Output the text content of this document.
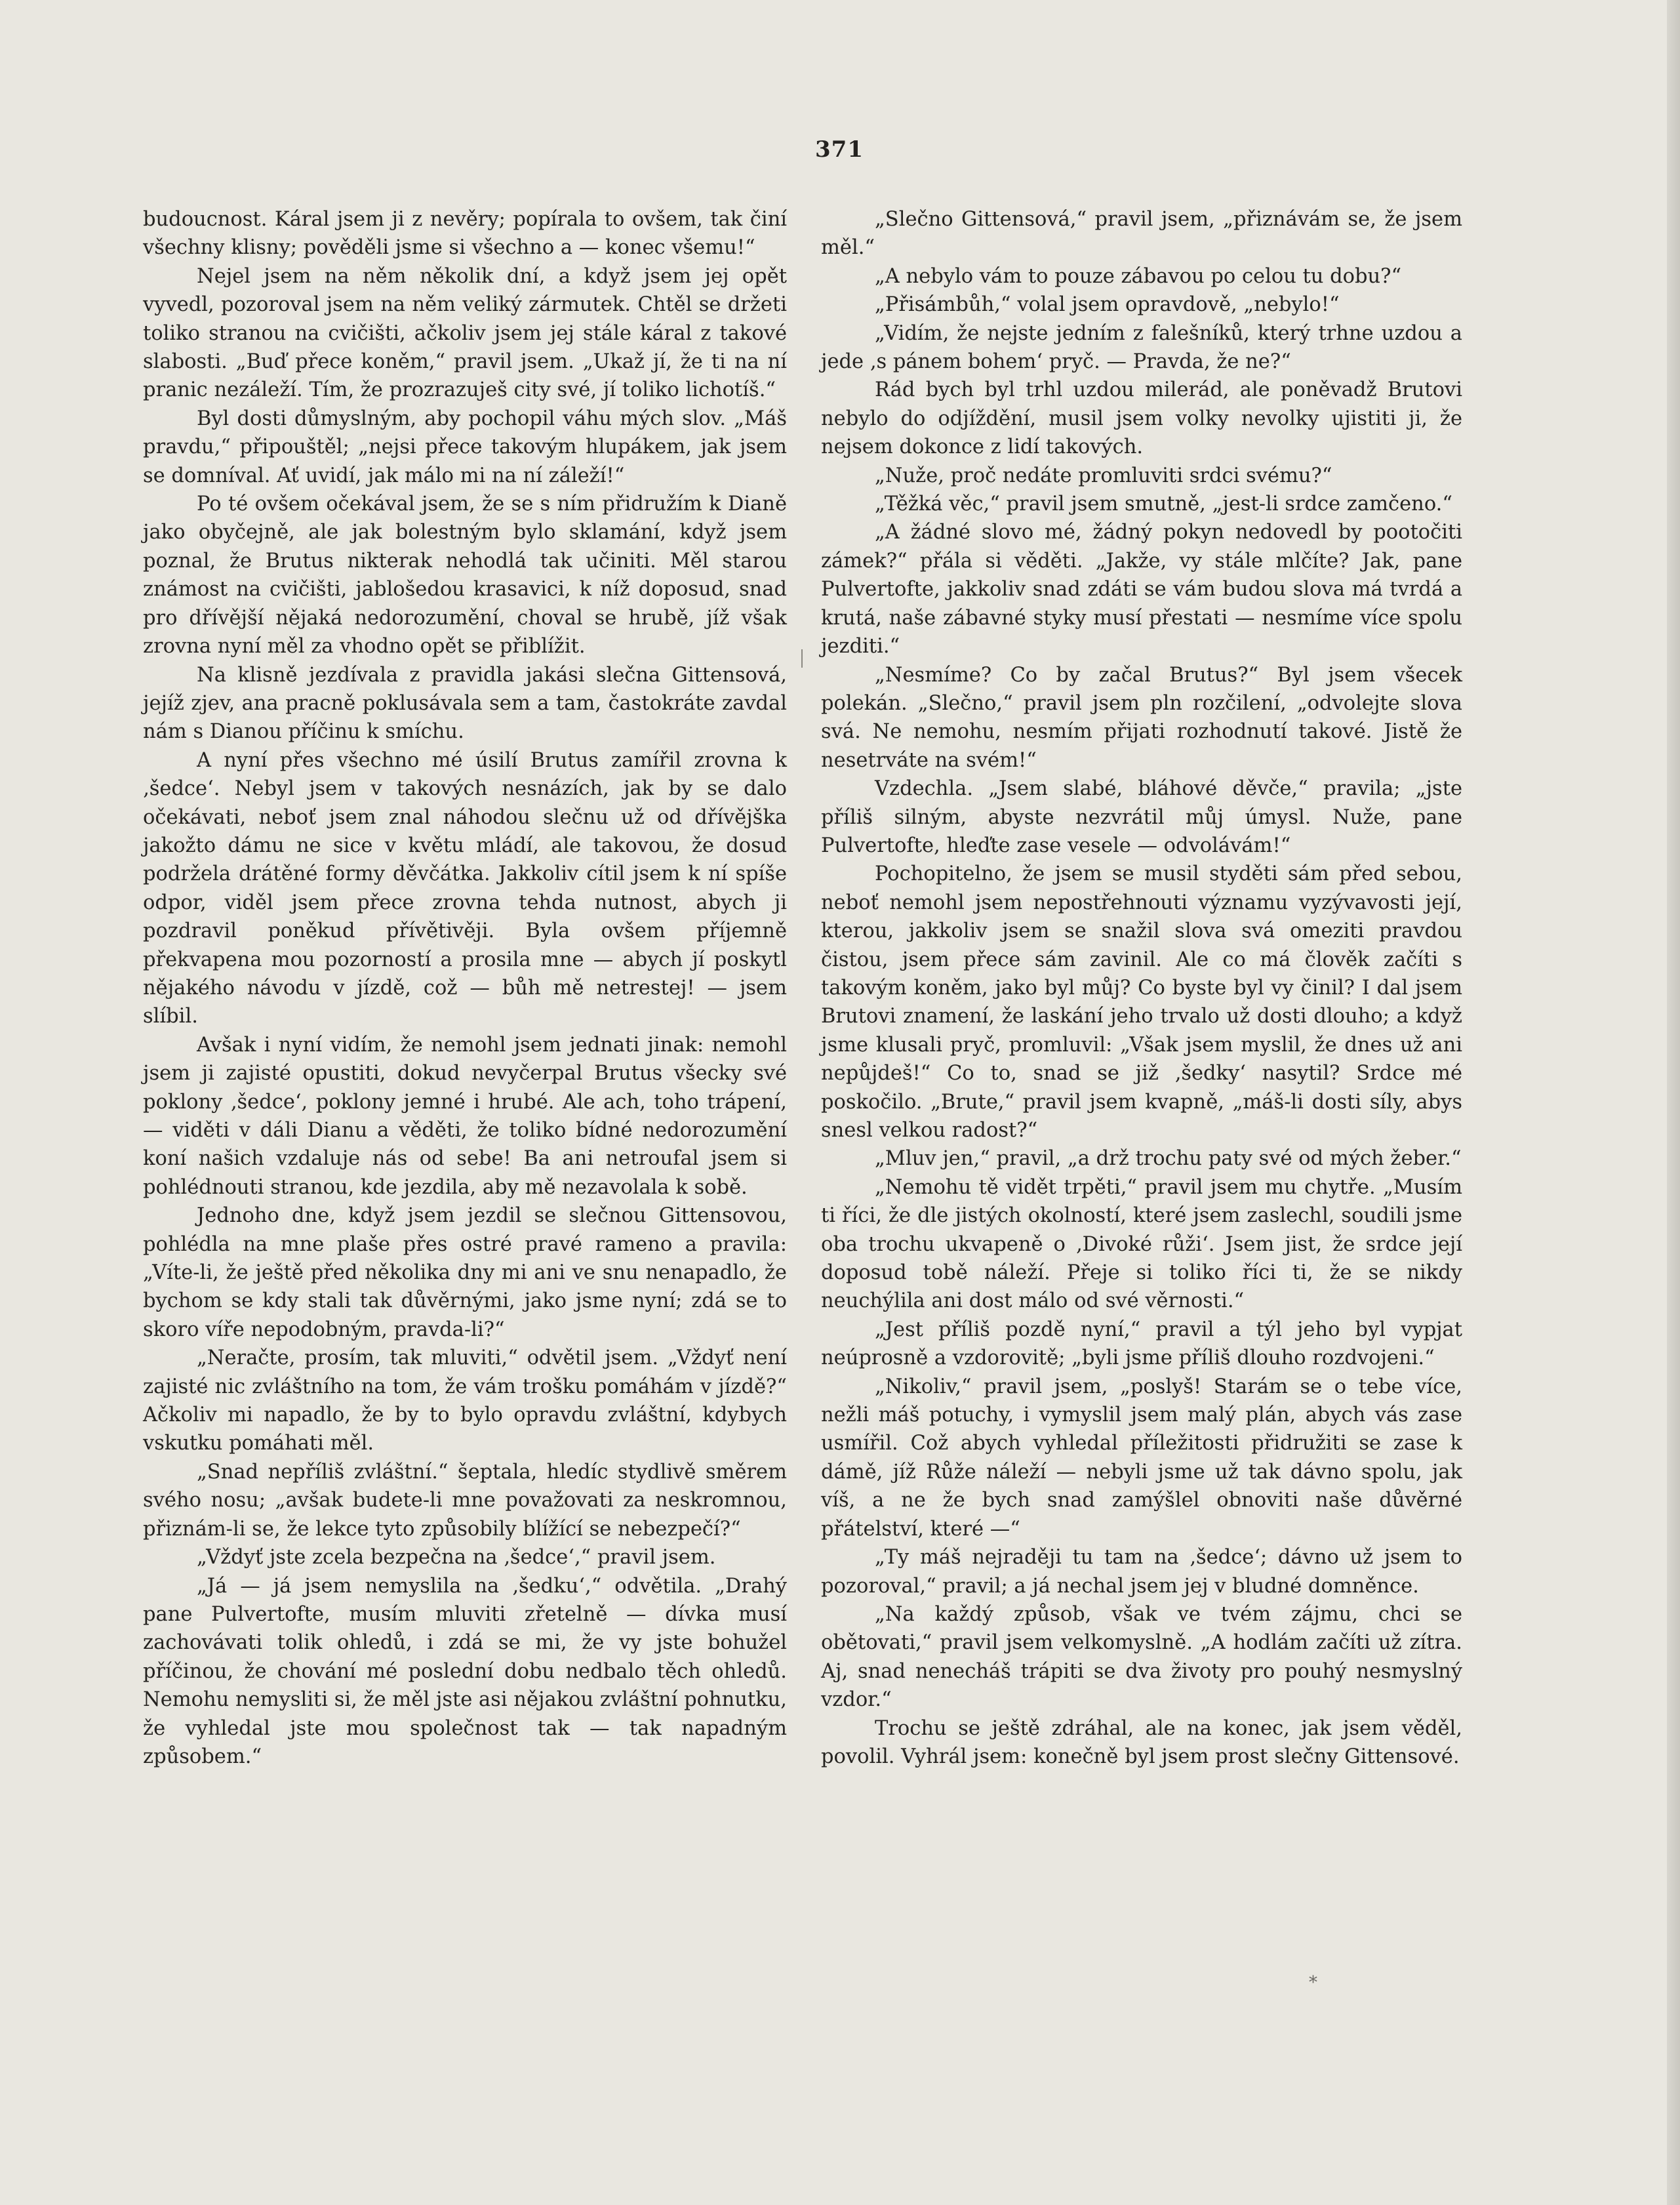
371

budoucnost. Káral jsem ji z nevěry; popírala to ovšem, tak činí všechny klisny; pověděli jsme si všechno a — konec všemu!“

Nejel jsem na něm několik dní, a když jsem jej opět vyvedl, pozoroval jsem na něm veliký zármutek. Chtěl se držeti toliko stranou na cvičišti, ačkoliv jsem jej stále káral z takové slabosti. „Buď přece koněm,“ pravil jsem. „Ukaž jí, že ti na ní pranic nezáleží. Tím, že prozrazuješ city své, jí toliko lichotíš.“

Byl dosti důmyslným, aby pochopil váhu mých slov. „Máš pravdu,“ připouštěl; „nejsi přece takovým hlupákem, jak jsem se domníval. Ať uvidí, jak málo mi na ní záleží!“

Po té ovšem očekával jsem, že se s ním přidružím k Dianě jako obyčejně, ale jak bolestným bylo sklamání, když jsem poznal, že Brutus nikterak nehodlá tak učiniti. Měl starou známost na cvičišti, jablošedou krasavici, k níž doposud, snad pro dřívější nějaká nedorozumění, choval se hrubě, jíž však zrovna nyní měl za vhodno opět se přiblížit.

Na klisně jezdívala z pravidla jakási slečna Gittensová, jejíž zjev, ana pracně poklusávala sem a tam, častokráte zavdal nám s Dianou příčinu k smíchu.

A nyní přes všechno mé úsilí Brutus zamířil zrovna k ‚šedce‘. Nebyl jsem v takových nesnázích, jak by se dalo očekávati, neboť jsem znal náhodou slečnu už od dřívějška jakožto dámu ne sice v květu mládí, ale takovou, že dosud podržela drátěné formy děvčátka. Jakkoliv cítil jsem k ní spíše odpor, viděl jsem přece zrovna tehda nutnost, abych ji pozdravil poněkud přívětivěji. Byla ovšem příjemně překvapena mou pozorností a prosila mne — abych jí poskytl nějakého návodu v jízdě, což — bůh mě netrestej! — jsem slíbil.

Avšak i nyní vidím, že nemohl jsem jednati jinak: nemohl jsem ji zajisté opustiti, dokud nevyčerpal Brutus všecky své poklony ‚šedce‘, poklony jemné i hrubé. Ale ach, toho trápení, — viděti v dáli Dianu a věděti, že toliko bídné nedorozumění koní našich vzdaluje nás od sebe! Ba ani netroufal jsem si pohlédnouti stranou, kde jezdila, aby mě nezavolala k sobě.

Jednoho dne, když jsem jezdil se slečnou Gittensovou, pohlédla na mne plaše přes ostré pravé rameno a pravila: „Víte-li, že ještě před několika dny mi ani ve snu nenapadlo, že bychom se kdy stali tak důvěrnými, jako jsme nyní; zdá se to skoro víře nepodobným, pravda-li?“

„Neračte, prosím, tak mluviti,“ odvětil jsem. „Vždyť není zajisté nic zvláštního na tom, že vám trošku pomáhám v jízdě?“ Ačkoliv mi napadlo, že by to bylo opravdu zvláštní, kdybych vskutku pomáhati měl.

„Snad nepříliš zvláštní.“ šeptala, hledíc stydlivě směrem svého nosu; „avšak budete-li mne považovati za neskromnou, přiznám-li se, že lekce tyto způsobily blížící se nebezpečí?“

„Vždyť jste zcela bezpečna na ‚šedce‘,“ pravil jsem.

„Já — já jsem nemyslila na ‚šedku‘,“ odvětila. „Drahý pane Pulvertofte, musím mluviti zřetelně — dívka musí zachovávati tolik ohledů, i zdá se mi, že vy jste bohužel příčinou, že chování mé poslední dobu nedbalo těch ohledů. Nemohu nemysliti si, že měl jste asi nějakou zvláštní pohnutku, že vyhledal jste mou společnost tak — tak napadným způsobem.“

„Slečno Gittensová,“ pravil jsem, „přiznávám se, že jsem měl.“

„A nebylo vám to pouze zábavou po celou tu dobu?“

„Přisámbůh,“ volal jsem opravdově, „nebylo!“

„Vidím, že nejste jedním z falešníků, který trhne uzdou a jede ‚s pánem bohem‘ pryč. — Pravda, že ne?“

Rád bych byl trhl uzdou milerád, ale poněvadž Brutovi nebylo do odjíždění, musil jsem volky nevolky ujistiti ji, že nejsem dokonce z lidí takových.

„Nuže, proč nedáte promluviti srdci svému?“

„Těžká věc,“ pravil jsem smutně, „jest-li srdce zamčeno.“

„A žádné slovo mé, žádný pokyn nedovedl by pootočiti zámek?“ přála si věděti. „Jakže, vy stále mlčíte? Jak, pane Pulvertofte, jakkoliv snad zdáti se vám budou slova má tvrdá a krutá, naše zábavné styky musí přestati — nesmíme více spolu jezditi.“

„Nesmíme? Co by začal Brutus?“ Byl jsem všecek polekán. „Slečno,“ pravil jsem pln rozčilení, „odvolejte slova svá. Ne nemohu, nesmím přijati rozhodnutí takové. Jistě že nesetrváte na svém!“

Vzdechla. „Jsem slabé, bláhové děvče,“ pravila; „jste příliš silným, abyste nezvrátil můj úmysl. Nuže, pane Pulvertofte, hleďte zase vesele — odvolávám!“

Pochopitelno, že jsem se musil styděti sám před sebou, neboť nemohl jsem nepostřehnouti významu vyzývavosti její, kterou, jakkoliv jsem se snažil slova svá omeziti pravdou čistou, jsem přece sám zavinil. Ale co má člověk začíti s takovým koněm, jako byl můj? Co byste byl vy činil? I dal jsem Brutovi znamení, že laskání jeho trvalo už dosti dlouho; a když jsme klusali pryč, promluvil: „Však jsem myslil, že dnes už ani nepůjdeš!“ Co to, snad se již ‚šedky‘ nasytil? Srdce mé poskočilo. „Brute,“ pravil jsem kvapně, „máš-li dosti síly, abys snesl velkou radost?“

„Mluv jen,“ pravil, „a drž trochu paty své od mých žeber.“

„Nemohu tě vidět trpěti,“ pravil jsem mu chytře. „Musím ti říci, že dle jistých okolností, které jsem zaslechl, soudili jsme oba trochu ukvapeně o ‚Divoké růži‘. Jsem jist, že srdce její doposud tobě náleží. Přeje si toliko říci ti, že se nikdy neuchýlila ani dost málo od své věrnosti.“

„Jest příliš pozdě nyní,“ pravil a týl jeho byl vypjat neúprosně a vzdorovitě; „byli jsme příliš dlouho rozdvojeni.“

„Nikoliv,“ pravil jsem, „poslyš! Starám se o tebe více, nežli máš potuchy, i vymyslil jsem malý plán, abych vás zase usmířil. Což abych vyhledal příležitosti přidružiti se zase k dámě, jíž Růže náleží — nebyli jsme už tak dávno spolu, jak víš, a ne že bych snad zamýšlel obnoviti naše důvěrné přátelství, které —“

„Ty máš nejraději tu tam na ‚šedce‘; dávno už jsem to pozoroval,“ pravil; a já nechal jsem jej v bludné domněnce.

„Na každý způsob, však ve tvém zájmu, chci se obětovati,“ pravil jsem velkomyslně. „A hodlám začíti už zítra. Aj, snad nenecháš trápiti se dva životy pro pouhý nesmyslný vzdor.“

Trochu se ještě zdráhal, ale na konec, jak jsem věděl, povolil. Vyhrál jsem: konečně byl jsem prost slečny Gittensové.

*
